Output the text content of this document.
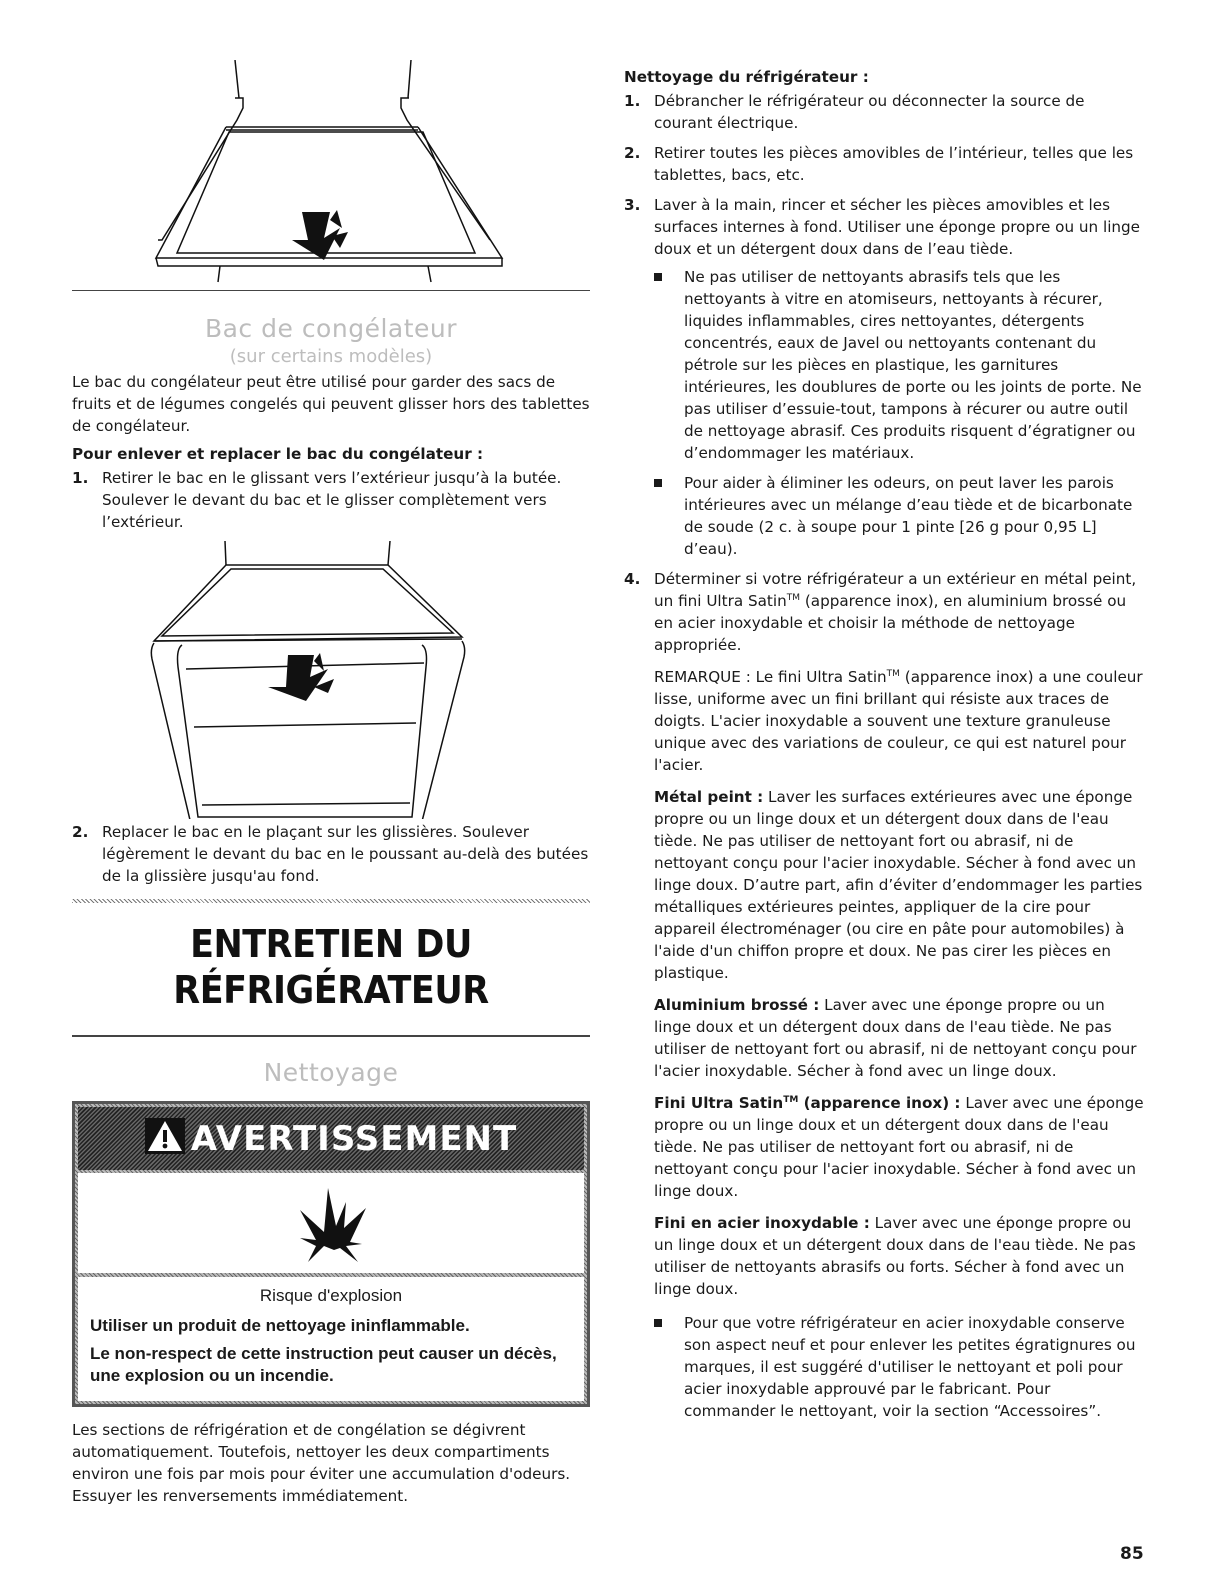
Bac de congélateur
(sur certains modèles)

Le bac du congélateur peut être utilisé pour garder des sacs de fruits et de légumes congelés qui peuvent glisser hors des tablettes de congélateur.

Pour enlever et replacer le bac du congélateur :

1. Retirer le bac en le glissant vers l’extérieur jusqu’à la butée. Soulever le devant du bac et le glisser complètement vers l’extérieur.
2. Replacer le bac en le plaçant sur les glissières. Soulever légèrement le devant du bac en le poussant au-delà des butées de la glissière jusqu'au fond.
ENTRETIEN DU
RÉFRIGÉRATEUR
Nettoyage
AVERTISSEMENT
Risque d'explosion
Utiliser un produit de nettoyage ininflammable.
Le non-respect de cette instruction peut causer un décès, une explosion ou un incendie.

Les sections de réfrigération et de congélation se dégivrent automatiquement. Toutefois, nettoyer les deux compartiments environ une fois par mois pour éviter une accumulation d'odeurs. Essuyer les renversements immédiatement.

Nettoyage du réfrigérateur :

1. Débrancher le réfrigérateur ou déconnecter la source de courant électrique.
2. Retirer toutes les pièces amovibles de l’intérieur, telles que les tablettes, bacs, etc.
3. Laver à la main, rincer et sécher les pièces amovibles et les surfaces internes à fond. Utiliser une éponge propre ou un linge doux et un détergent doux dans de l’eau tiède.
Ne pas utiliser de nettoyants abrasifs tels que les nettoyants à vitre en atomiseurs, nettoyants à récurer, liquides inflammables, cires nettoyantes, détergents concentrés, eaux de Javel ou nettoyants contenant du pétrole sur les pièces en plastique, les garnitures intérieures, les doublures de porte ou les joints de porte. Ne pas utiliser d’essuie-tout, tampons à récurer ou autre outil de nettoyage abrasif. Ces produits risquent d’égratigner ou d’endommager les matériaux.
Pour aider à éliminer les odeurs, on peut laver les parois intérieures avec un mélange d’eau tiède et de bicarbonate de soude (2 c. à soupe pour 1 pinte [26 g pour 0,95 L] d’eau).
4. Déterminer si votre réfrigérateur a un extérieur en métal peint, un fini Ultra Satin™ (apparence inox), en aluminium brossé ou en acier inoxydable et choisir la méthode de nettoyage appropriée.

REMARQUE : Le fini Ultra Satin™ (apparence inox) a une couleur lisse, uniforme avec un fini brillant qui résiste aux traces de doigts. L'acier inoxydable a souvent une texture granuleuse unique avec des variations de couleur, ce qui est naturel pour l'acier.

Métal peint : Laver les surfaces extérieures avec une éponge propre ou un linge doux et un détergent doux dans de l'eau tiède. Ne pas utiliser de nettoyant fort ou abrasif, ni de nettoyant conçu pour l'acier inoxydable. Sécher à fond avec un linge doux. D’autre part, afin d’éviter d’endommager les parties métalliques extérieures peintes, appliquer de la cire pour appareil électroménager (ou cire en pâte pour automobiles) à l'aide d'un chiffon propre et doux. Ne pas cirer les pièces en plastique.

Aluminium brossé : Laver avec une éponge propre ou un linge doux et un détergent doux dans de l'eau tiède. Ne pas utiliser de nettoyant fort ou abrasif, ni de nettoyant conçu pour l'acier inoxydable. Sécher à fond avec un linge doux.

Fini Ultra Satin™ (apparence inox) : Laver avec une éponge propre ou un linge doux et un détergent doux dans de l'eau tiède. Ne pas utiliser de nettoyant fort ou abrasif, ni de nettoyant conçu pour l'acier inoxydable. Sécher à fond avec un linge doux.

Fini en acier inoxydable : Laver avec une éponge propre ou un linge doux et un détergent doux dans de l'eau tiède. Ne pas utiliser de nettoyants abrasifs ou forts. Sécher à fond avec un linge doux.

Pour que votre réfrigérateur en acier inoxydable conserve son aspect neuf et pour enlever les petites égratignures ou marques, il est suggéré d'utiliser le nettoyant et poli pour acier inoxydable approuvé par le fabricant. Pour commander le nettoyant, voir la section “Accessoires”.
85
